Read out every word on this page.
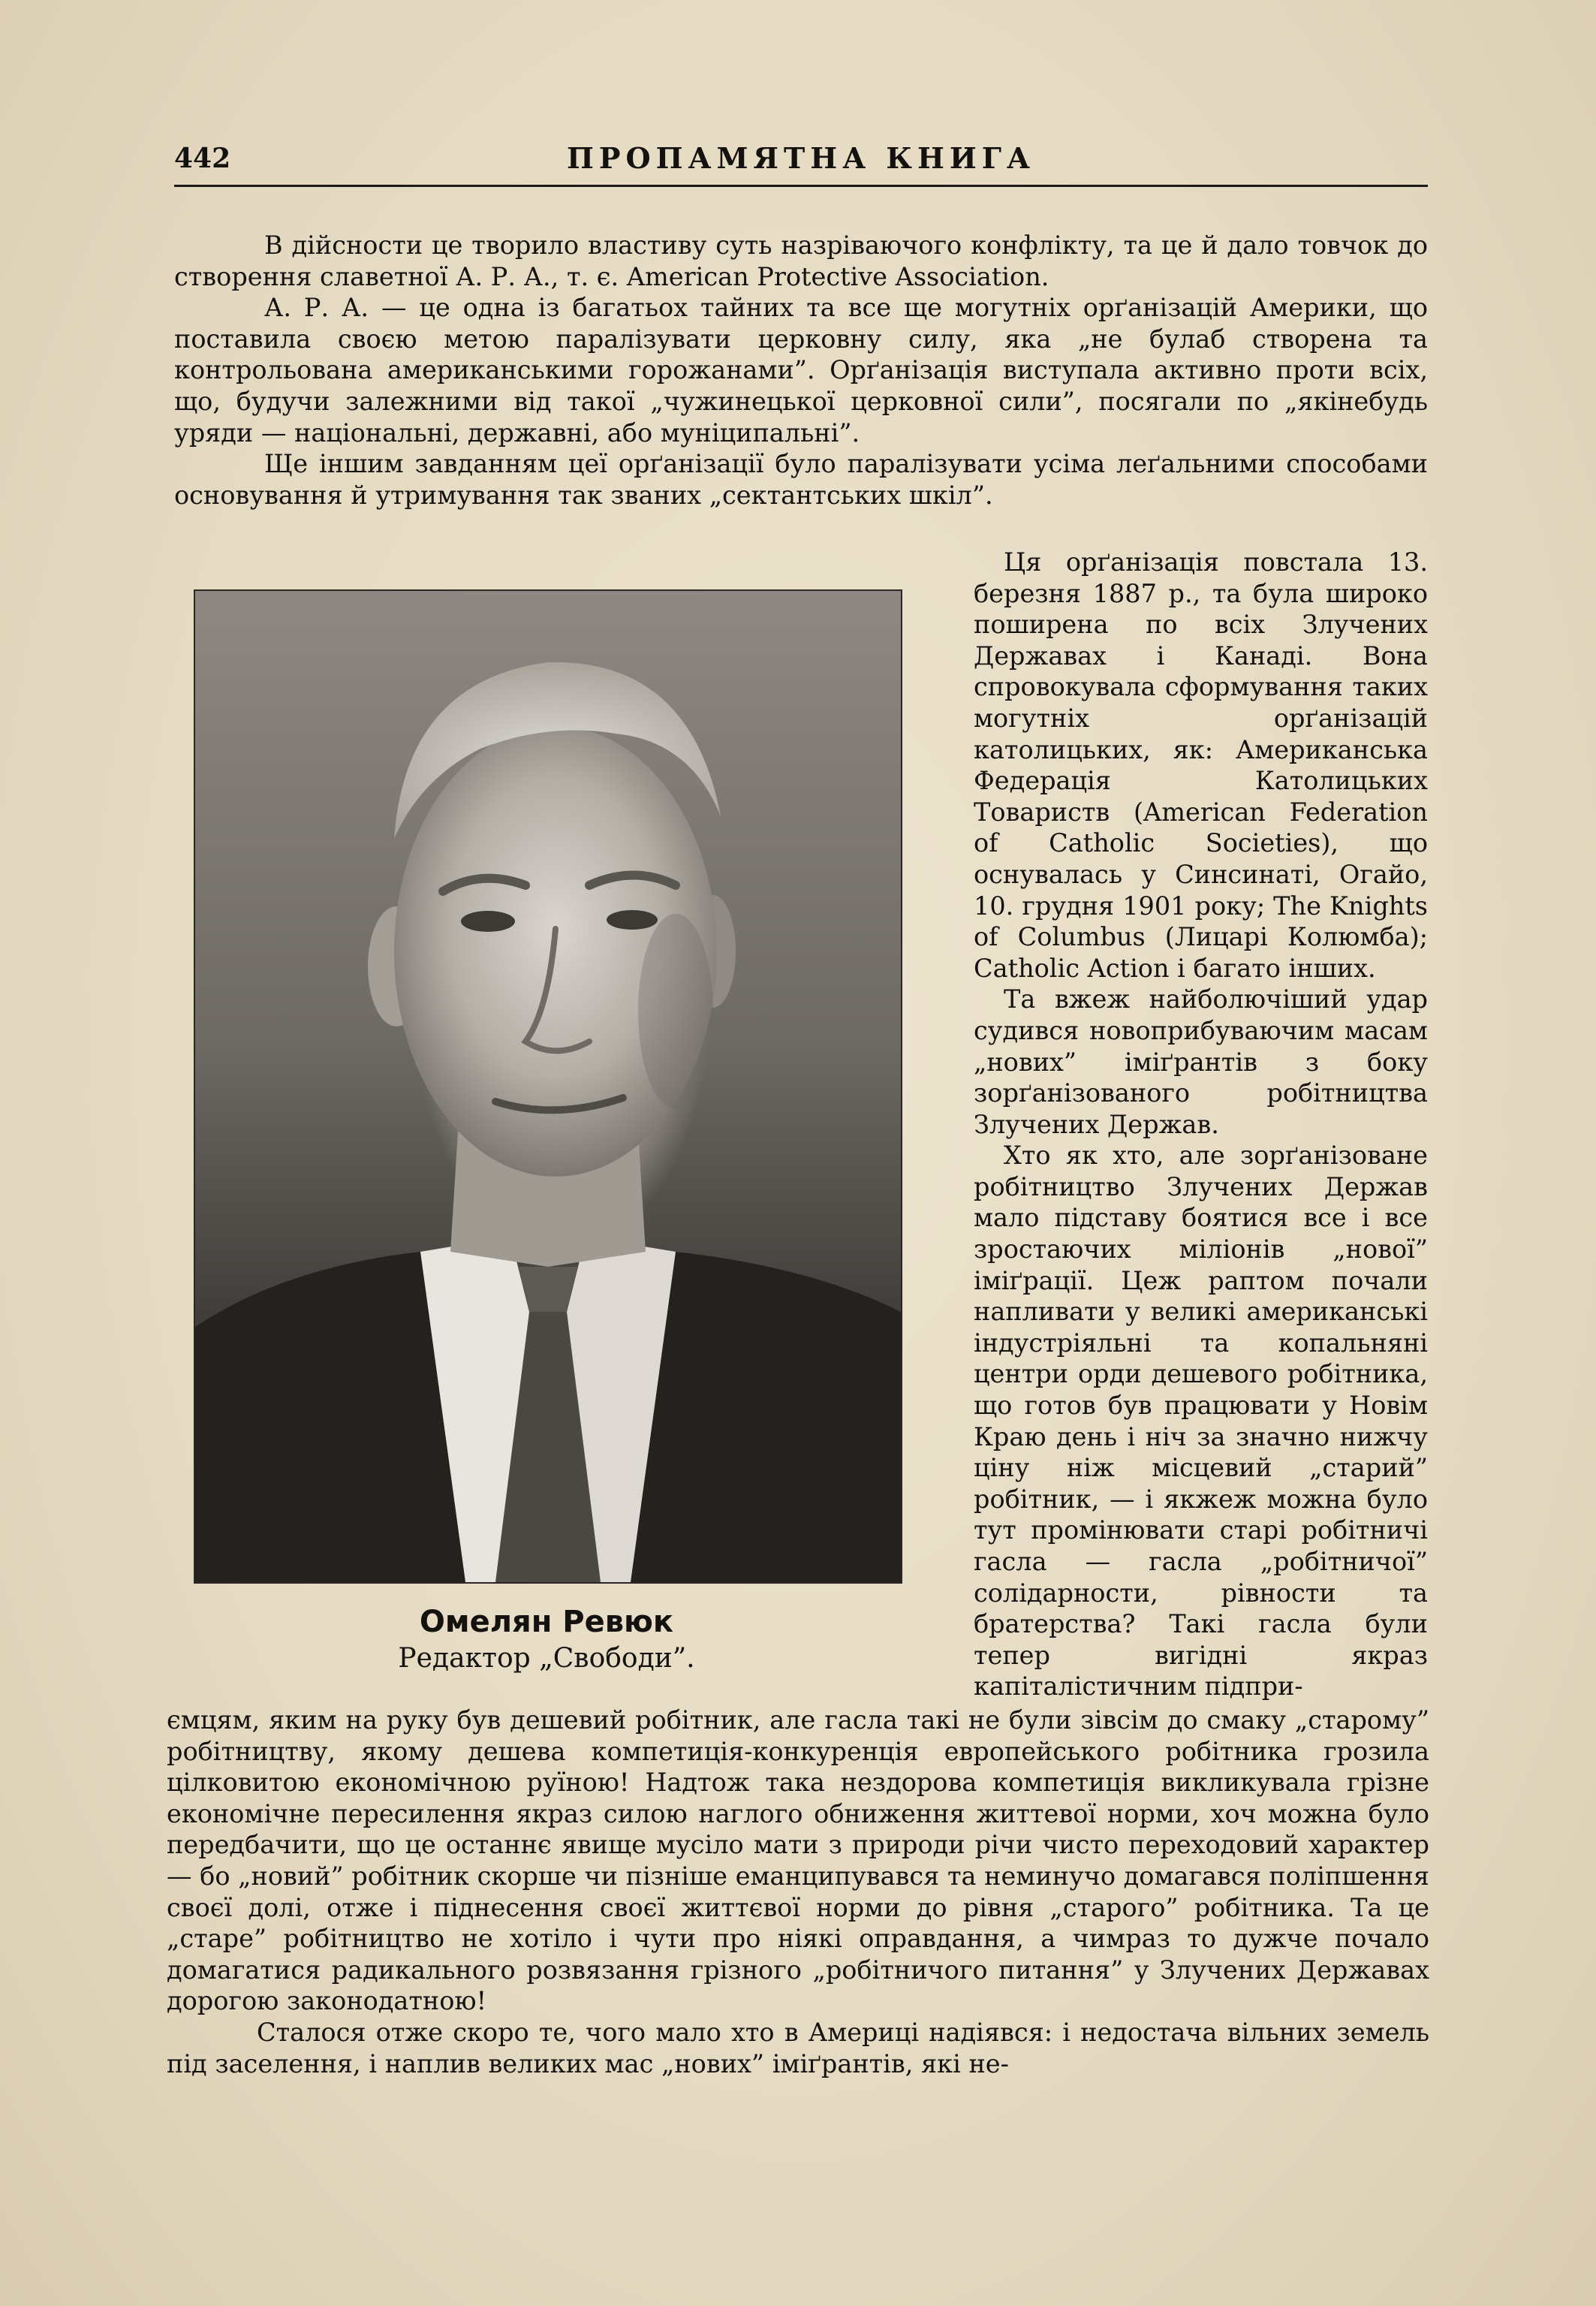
442	ПРОПАМЯТНА КНИГА

В дійсности це творило властиву суть назріваючого конфлікту, та це й дало товчок до створення славетної А. Р. А., т. є. American Protective Association.

А. Р. А. — це одна із багатьох тайних та все ще могутніх орґанізацій Америки, що поставила своєю метою паралізувати церковну силу, яка „не булаб створена та контрольована американськими горожанами”. Орґанізація виступала активно проти всіх, що, будучи залежними від такої „чужинецької церковної сили”, посягали по „якінебудь уряди — національні, державні, або муніципальні”.

Ще іншим завданням цеї орґанізації було паралізувати усіма леґальними способами основування й утримування так званих „сектантських шкіл”.

Омелян Ревюк
Редактор „Свободи”.

Ця орґанізація повстала 13. березня 1887 р., та була широко поширена по всіх Злучених Державах і Канаді. Вона спровокувала сформування таких могутніх орґанізацій католицьких, як: Американська Федерація Католицьких Товариств (American Federation of Catholic Societies), що оснувалась у Синсинаті, Огайо, 10. грудня 1901 року; The Knights of Columbus (Лицарі Колюмба); Catholic Action і багато інших.

Та вжеж найболючіший удар судився новоприбуваючим масам „нових” іміґрантів з боку зорґанізованого робітництва Злучених Держав.

Хто як хто, але зорґанізоване робітництво Злучених Держав мало підставу боятися все і все зростаючих міліонів „нової” іміґрації. Цеж раптом почали напливати у великі американські індустріяльні та копальняні центри орди дешевого робітника, що готов був працювати у Новім Краю день і ніч за значно нижчу ціну ніж місцевий „старий” робітник, — і якжеж можна було тут промінювати старі робітничі гасла — гасла „робітничої” солідарности, рівности та братерства? Такі гасла були тепер вигідні якраз капіталістичним підпри-

ємцям, яким на руку був дешевий робітник, але гасла такі не були зівсім до смаку „старому” робітництву, якому дешева компетиція-конкуренція европейського робітника грозила цілковитою економічною руїною! Надтож така нездорова компетиція викликувала грізне економічне пересилення якраз силою наглого обниження життевої норми, хоч можна було передбачити, що це останнє явище мусіло мати з природи річи чисто переходовий характер — бо „новий” робітник скорше чи пізніше еманципувався та неминучо домагався поліпшення своєї долі, отже і піднесення своєї життєвої норми до рівня „старого” робітника. Та це „старе” робітництво не хотіло і чути про ніякі оправдання, а чимраз то дужче почало домагатися радикального розвязання грізного „робітничого питання” у Злучених Державах дорогою законодатною!

Сталося отже скоро те, чого мало хто в Америці надіявся: і недостача вільних земель під заселення, і наплив великих мас „нових” іміґрантів, які не-
